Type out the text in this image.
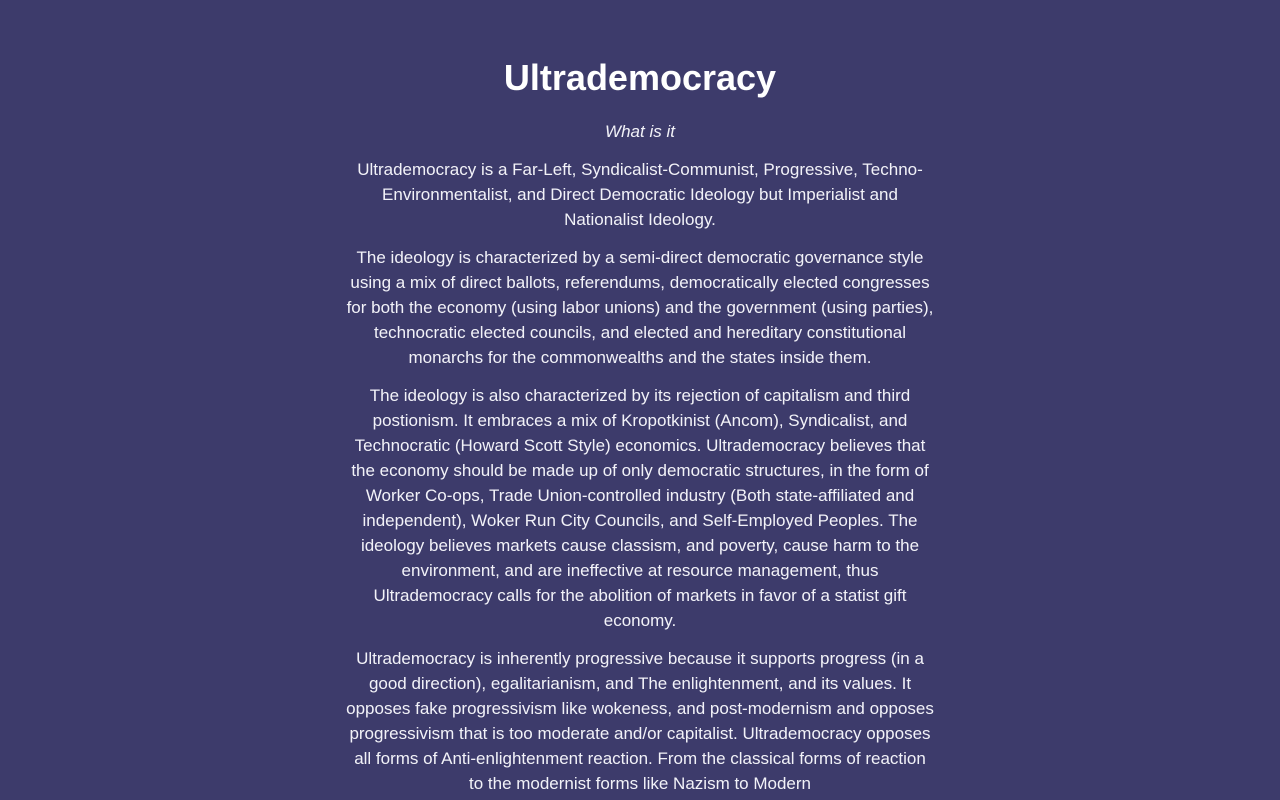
Ultrademocracy

What is it

Ultrademocracy is a Far-Left, Syndicalist-Communist, Progressive, Techno-Environmentalist, and Direct Democratic Ideology but Imperialist and Nationalist Ideology.

The ideology is characterized by a semi-direct democratic governance style using a mix of direct ballots, referendums, democratically elected congresses for both the economy (using labor unions) and the government (using parties), technocratic elected councils, and elected and hereditary constitutional monarchs for the commonwealths and the states inside them.

The ideology is also characterized by its rejection of capitalism and third postionism. It embraces a mix of Kropotkinist (Ancom), Syndicalist, and Technocratic (Howard Scott Style) economics. Ultrademocracy believes that the economy should be made up of only democratic structures, in the form of Worker Co-ops, Trade Union-controlled industry (Both state-affiliated and independent), Woker Run City Councils, and Self-Employed Peoples. The ideology believes markets cause classism, and poverty, cause harm to the environment, and are ineffective at resource management, thus Ultrademocracy calls for the abolition of markets in favor of a statist gift economy.

Ultrademocracy is inherently progressive because it supports progress (in a good direction), egalitarianism, and The enlightenment, and its values. It opposes fake progressivism like wokeness, and post-modernism and opposes progressivism that is too moderate and/or capitalist. Ultrademocracy opposes all forms of Anti-enlightenment reaction. From the classical forms of reaction to the modernist forms like Nazism to Modern
